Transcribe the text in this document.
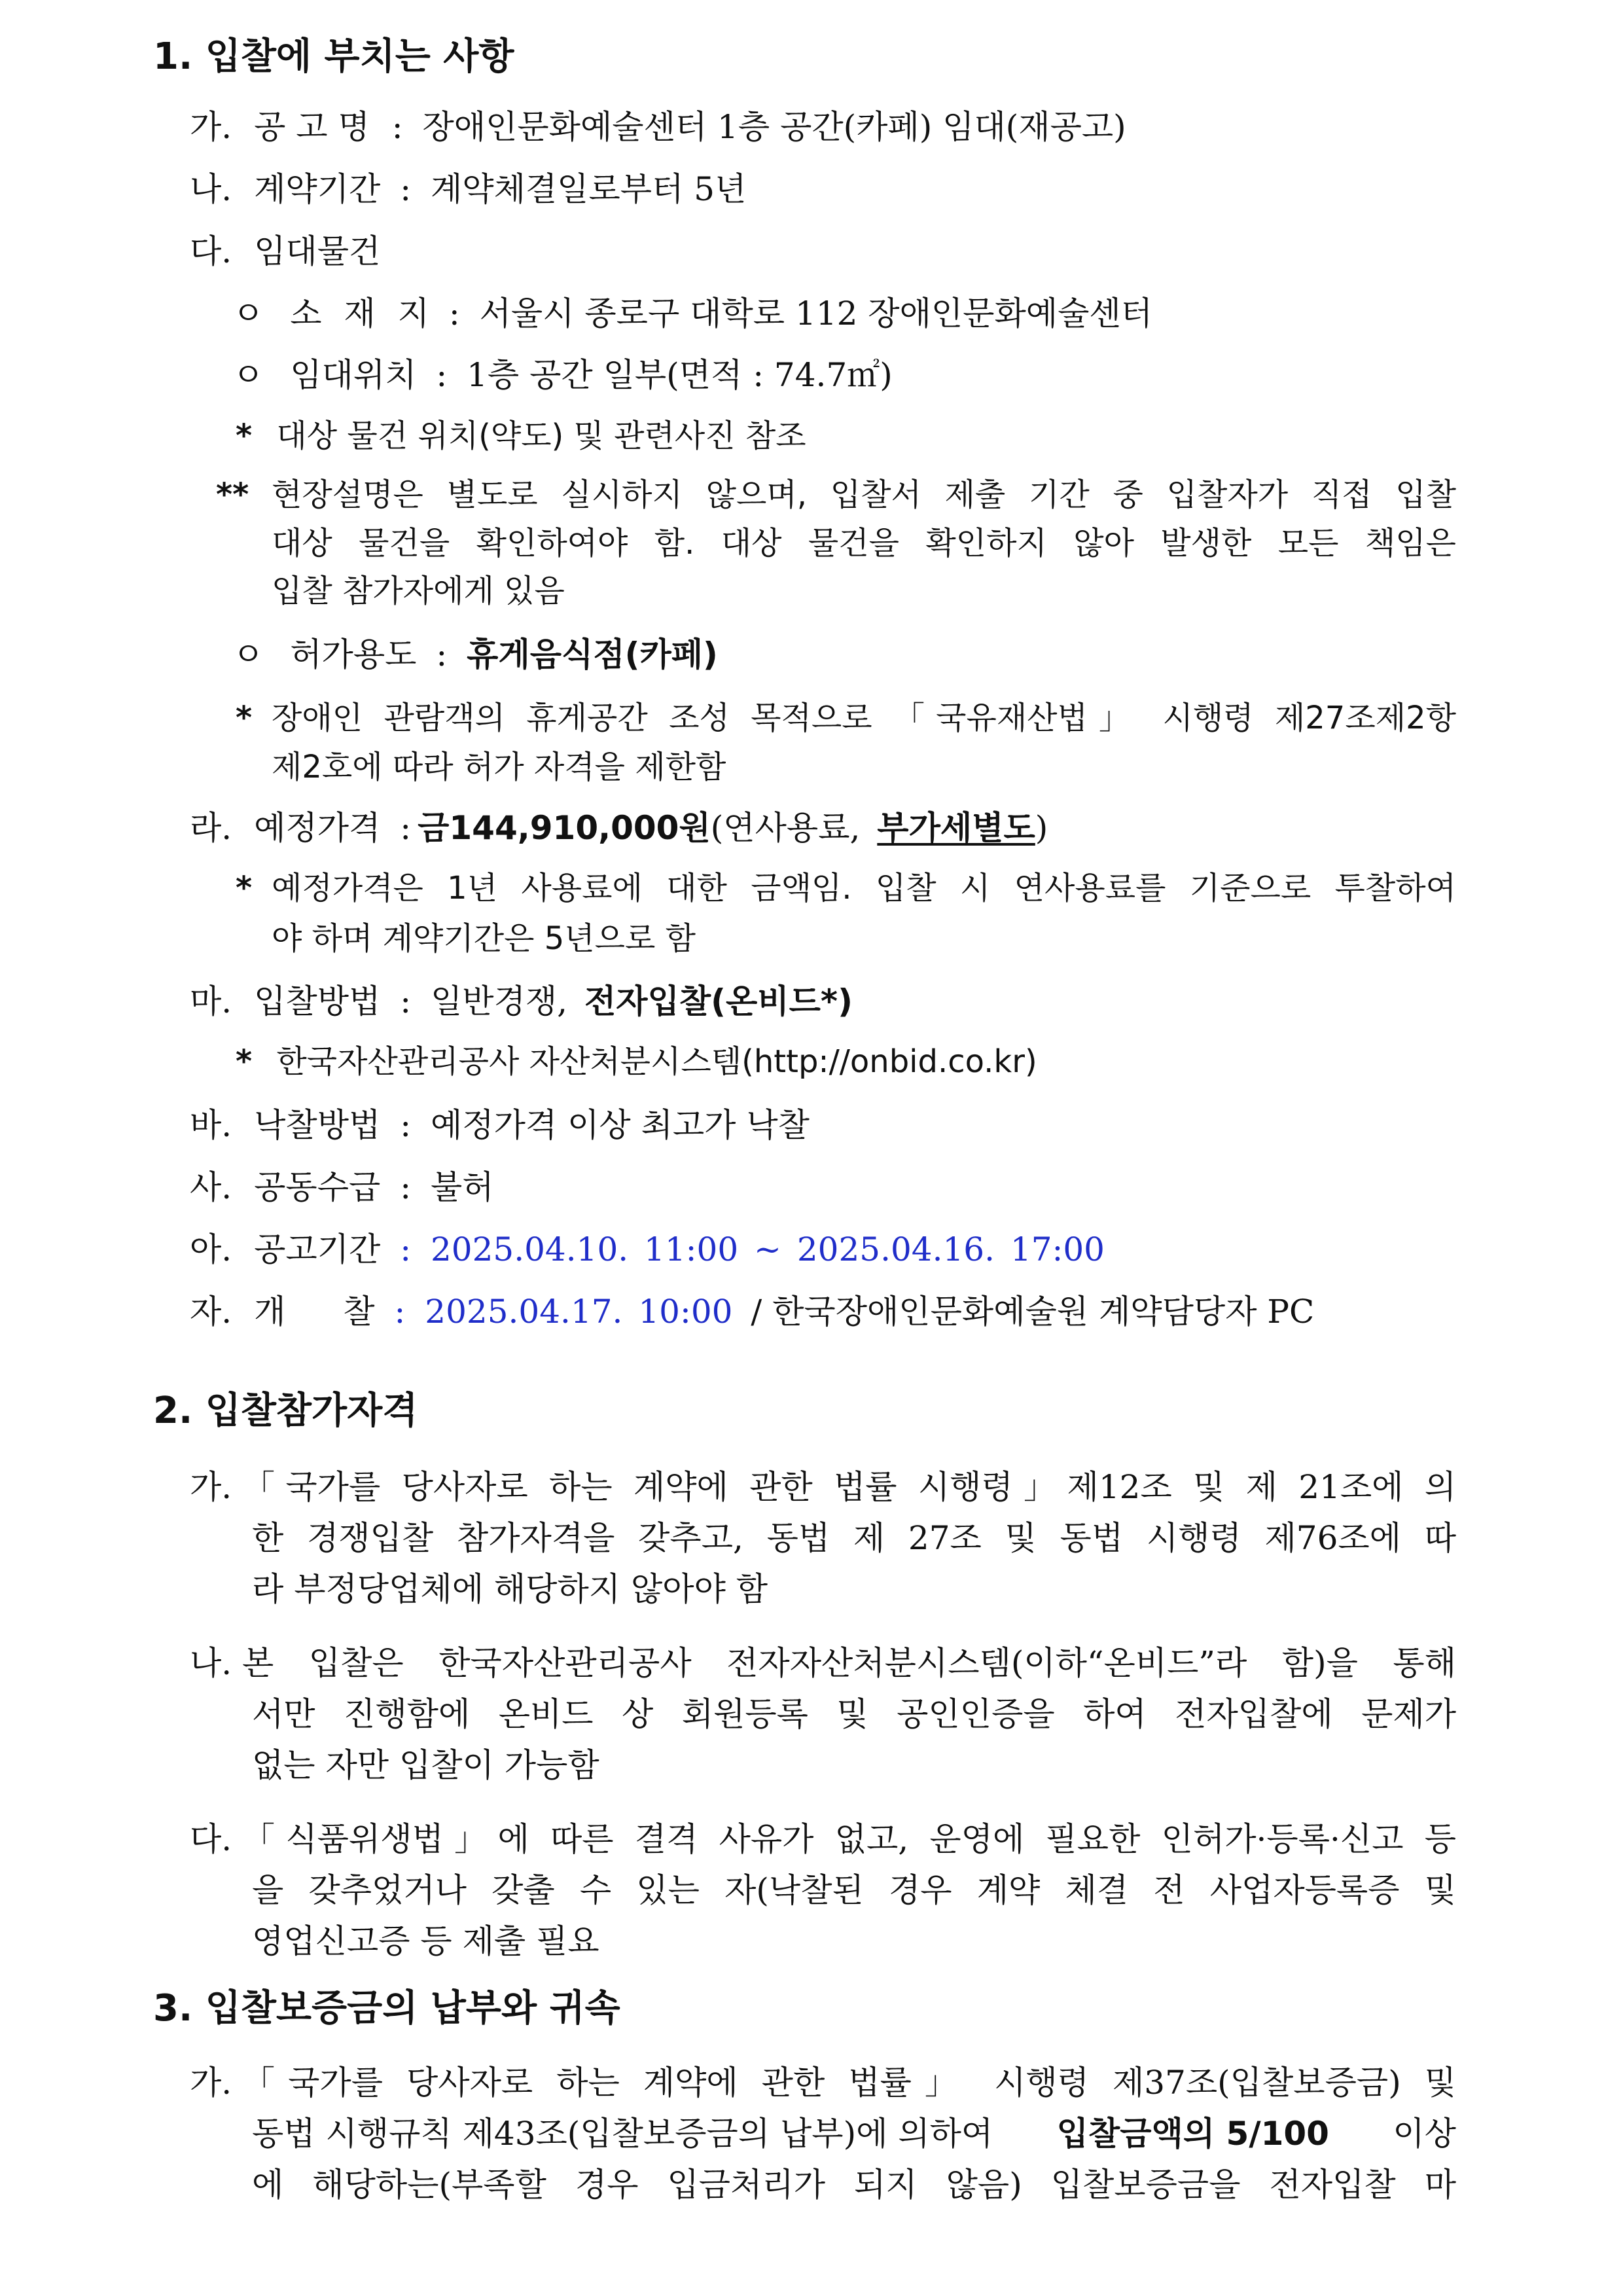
1. 입찰에 부치는 사항
가. 공 고 명 : 장애인문화예술센터 1층 공간(카페) 임대(재공고)
나. 계약기간 : 계약체결일로부터 5년
다. 임대물건
ㅇ 소 재 지 : 서울시 종로구 대학로 112 장애인문화예술센터
ㅇ 임대위치 : 1층 공간 일부(면적 : 74.7㎡)
* 대상 물건 위치(약도) 및 관련사진 참조
** 현장설명은 별도로 실시하지 않으며, 입찰서 제출 기간 중 입찰자가 직접 입찰
대상 물건을 확인하여야 함. 대상 물건을 확인하지 않아 발생한 모든 책임은
입찰 참가자에게 있음
ㅇ 허가용도 : 휴게음식점(카페)
* 장애인 관람객의 휴게공간 조성 목적으로 「국유재산법」 시행령 제27조제2항
제2호에 따라 허가 자격을 제한함
라. 예정가격 : 금144,910,000원(연사용료, 부가세별도)
* 예정가격은 1년 사용료에 대한 금액임. 입찰 시 연사용료를 기준으로 투찰하여
야 하며 계약기간은 5년으로 함
마. 입찰방법 : 일반경쟁, 전자입찰(온비드*)
* 한국자산관리공사 자산처분시스템(http://onbid.co.kr)
바. 낙찰방법 : 예정가격 이상 최고가 낙찰
사. 공동수급 : 불허
아. 공고기간 : 2025.04.10. 11:00 ~ 2025.04.16. 17:00
자. 개 찰 : 2025.04.17. 10:00 / 한국장애인문화예술원 계약담당자 PC
2. 입찰참가자격
가. 「국가를 당사자로 하는 계약에 관한 법률 시행령」제12조 및 제 21조에 의
한 경쟁입찰 참가자격을 갖추고, 동법 제 27조 및 동법 시행령 제76조에 따
라 부정당업체에 해당하지 않아야 함
나. 본 입찰은 한국자산관리공사 전자자산처분시스템(이하“온비드”라 함)을 통해
서만 진행함에 온비드 상 회원등록 및 공인인증을 하여 전자입찰에 문제가
없는 자만 입찰이 가능함
다. 「식품위생법」에 따른 결격 사유가 없고, 운영에 필요한 인허가·등록·신고 등
을 갖추었거나 갖출 수 있는 자(낙찰된 경우 계약 체결 전 사업자등록증 및
영업신고증 등 제출 필요
3. 입찰보증금의 납부와 귀속
가. 「국가를 당사자로 하는 계약에 관한 법률」 시행령 제37조(입찰보증금) 및
동법 시행규칙 제43조(입찰보증금의 납부)에 의하여 입찰금액의 5/100 이상
에 해당하는(부족할 경우 입금처리가 되지 않음) 입찰보증금을 전자입찰 마
